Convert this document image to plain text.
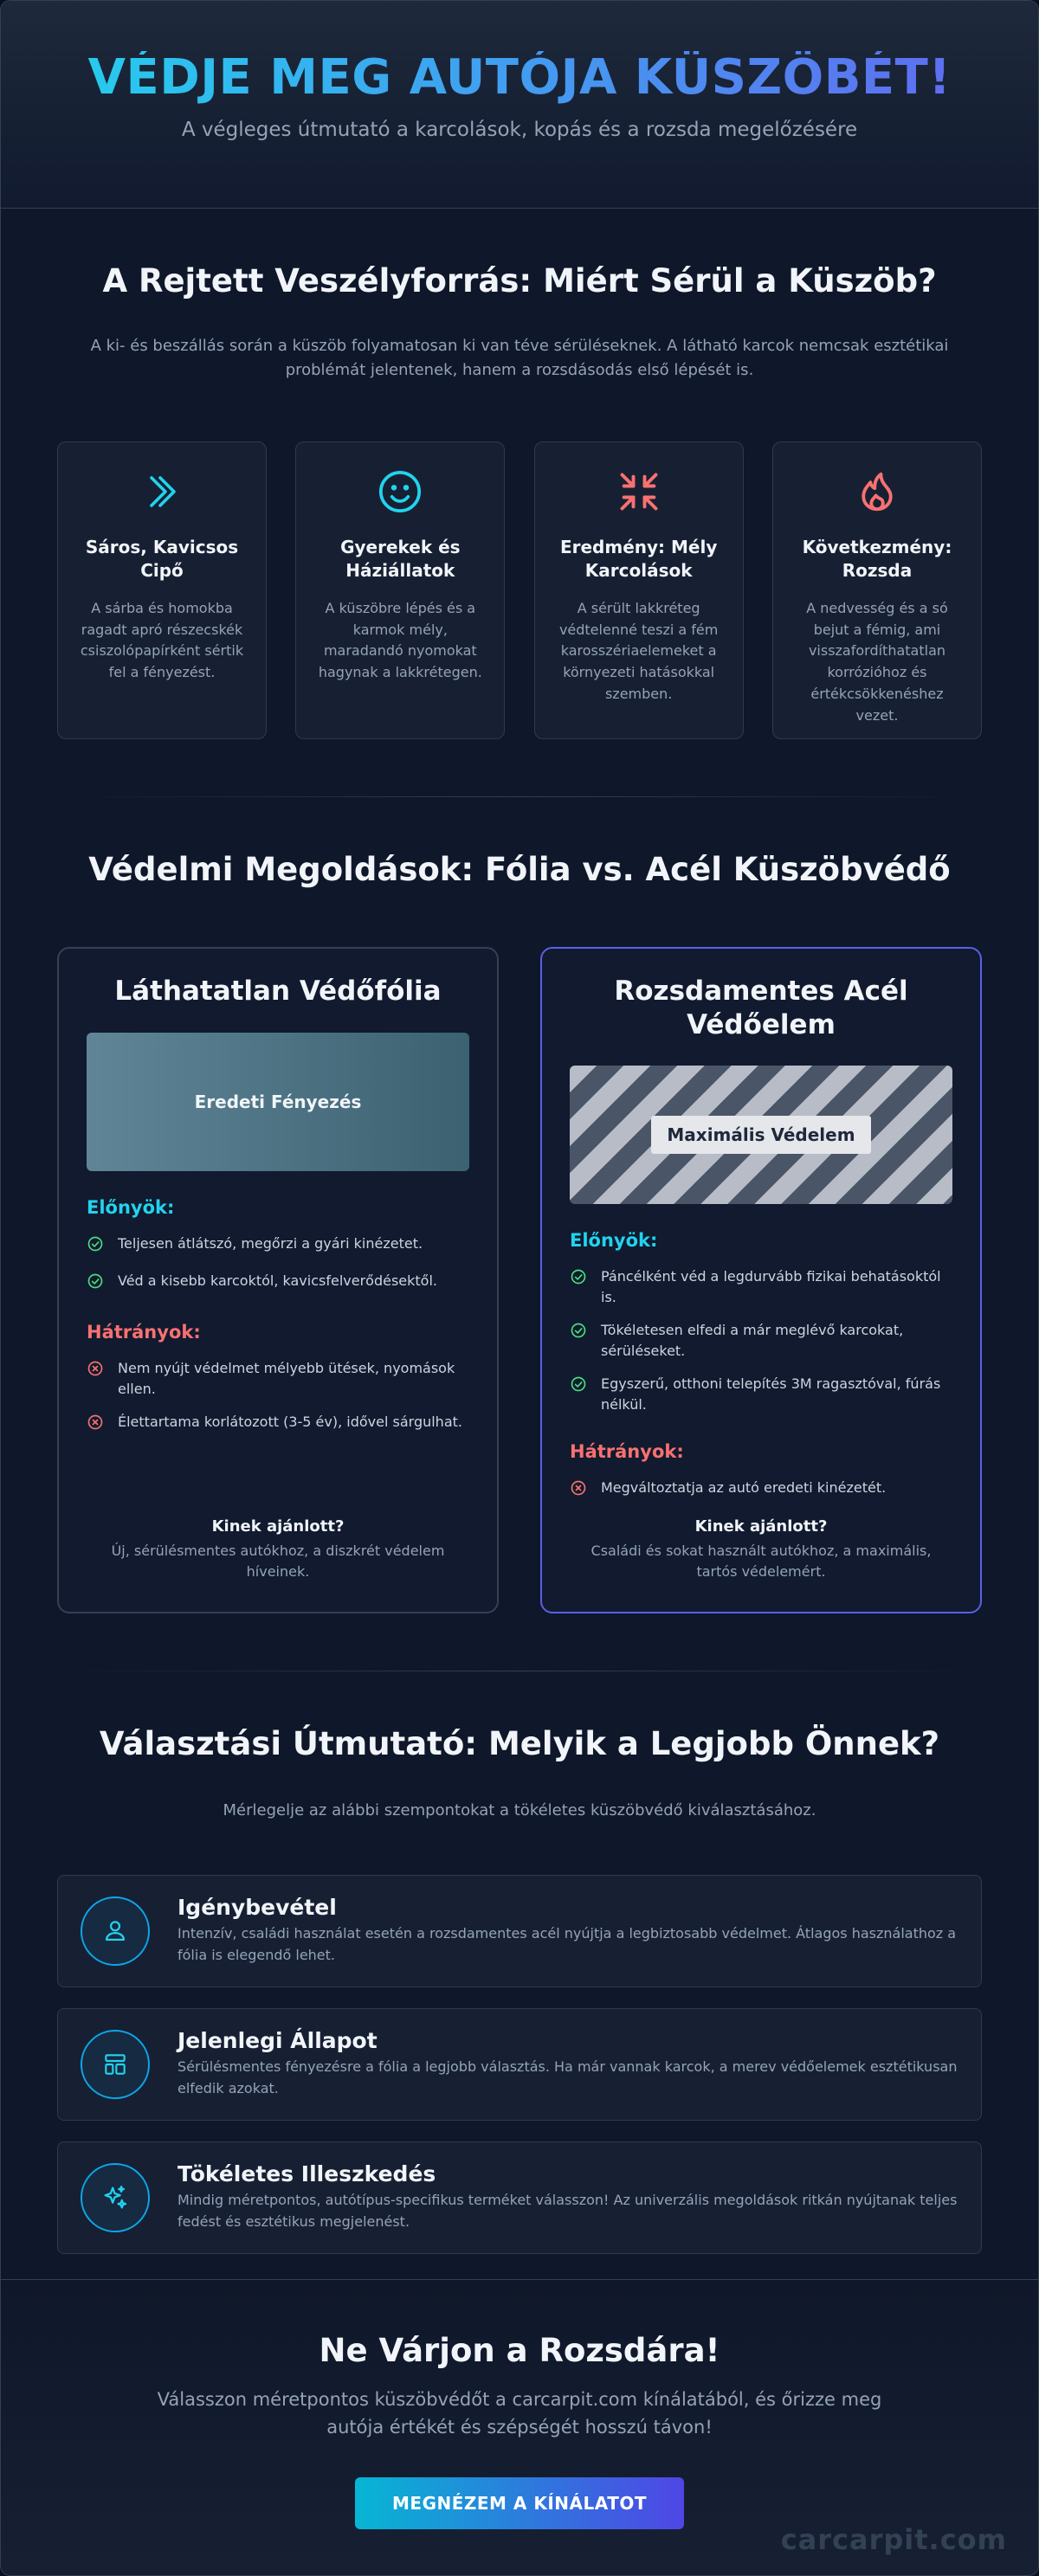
VÉDJE MEG AUTÓJA KÜSZÖBÉT!

A végleges útmutató a karcolások, kopás és a rozsda megelőzésére

A Rejtett Veszélyforrás: Miért Sérül a Küszöb?

A ki- és beszállás során a küszöb folyamatosan ki van téve sérüléseknek. A látható karcok nemcsak esztétikai problémát jelentenek, hanem a rozsdásodás első lépését is.

Sáros, Kavicsos Cipő
A sárba és homokba ragadt apró részecskék csiszolópapírként sértik fel a fényezést.
Gyerekek és Háziállatok
A küszöbre lépés és a karmok mély, maradandó nyomokat hagynak a lakkrétegen.
Eredmény: Mély Karcolások
A sérült lakkréteg védtelenné teszi a fém karosszériaelemeket a környezeti hatásokkal szemben.
Következmény: Rozsda
A nedvesség és a só bejut a fémig, ami visszafordíthatatlan korrózióhoz és értékcsökkenéshez vezet.
Védelmi Megoldások: Fólia vs. Acél Küszöbvédő
Láthatatlan Védőfólia
Eredeti Fényezés
Előnyök:
Teljesen átlátszó, megőrzi a gyári kinézetet.
Véd a kisebb karcoktól, kavicsfelverődésektől.
Hátrányok:
Nem nyújt védelmet mélyebb ütések, nyomások ellen.
Élettartama korlátozott (3-5 év), idővel sárgulhat.
Kinek ajánlott?
Új, sérülésmentes autókhoz, a diszkrét védelem híveinek.
Rozsdamentes Acél Védőelem
Maximális Védelem
Előnyök:
Páncélként véd a legdurvább fizikai behatásoktól is.
Tökéletesen elfedi a már meglévő karcokat, sérüléseket.
Egyszerű, otthoni telepítés 3M ragasztóval, fúrás nélkül.
Hátrányok:
Megváltoztatja az autó eredeti kinézetét.
Kinek ajánlott?
Családi és sokat használt autókhoz, a maximális, tartós védelemért.
Választási Útmutató: Melyik a Legjobb Önnek?

Mérlegelje az alábbi szempontokat a tökéletes küszöbvédő kiválasztásához.

Igénybevétel
Intenzív, családi használat esetén a rozsdamentes acél nyújtja a legbiztosabb védelmet. Átlagos használathoz a fólia is elegendő lehet.
Jelenlegi Állapot
Sérülésmentes fényezésre a fólia a legjobb választás. Ha már vannak karcok, a merev védőelemek esztétikusan elfedik azokat.
Tökéletes Illeszkedés
Mindig méretpontos, autótípus-specifikus terméket válasszon! Az univerzális megoldások ritkán nyújtanak teljes fedést és esztétikus megjelenést.
Ne Várjon a Rozsdára!

Válasszon méretpontos küszöbvédőt a carcarpit.com kínálatából, és őrizze meg autója értékét és szépségét hosszú távon!

MEGNÉZEM A KÍNÁLATOT
carcarpit.com
